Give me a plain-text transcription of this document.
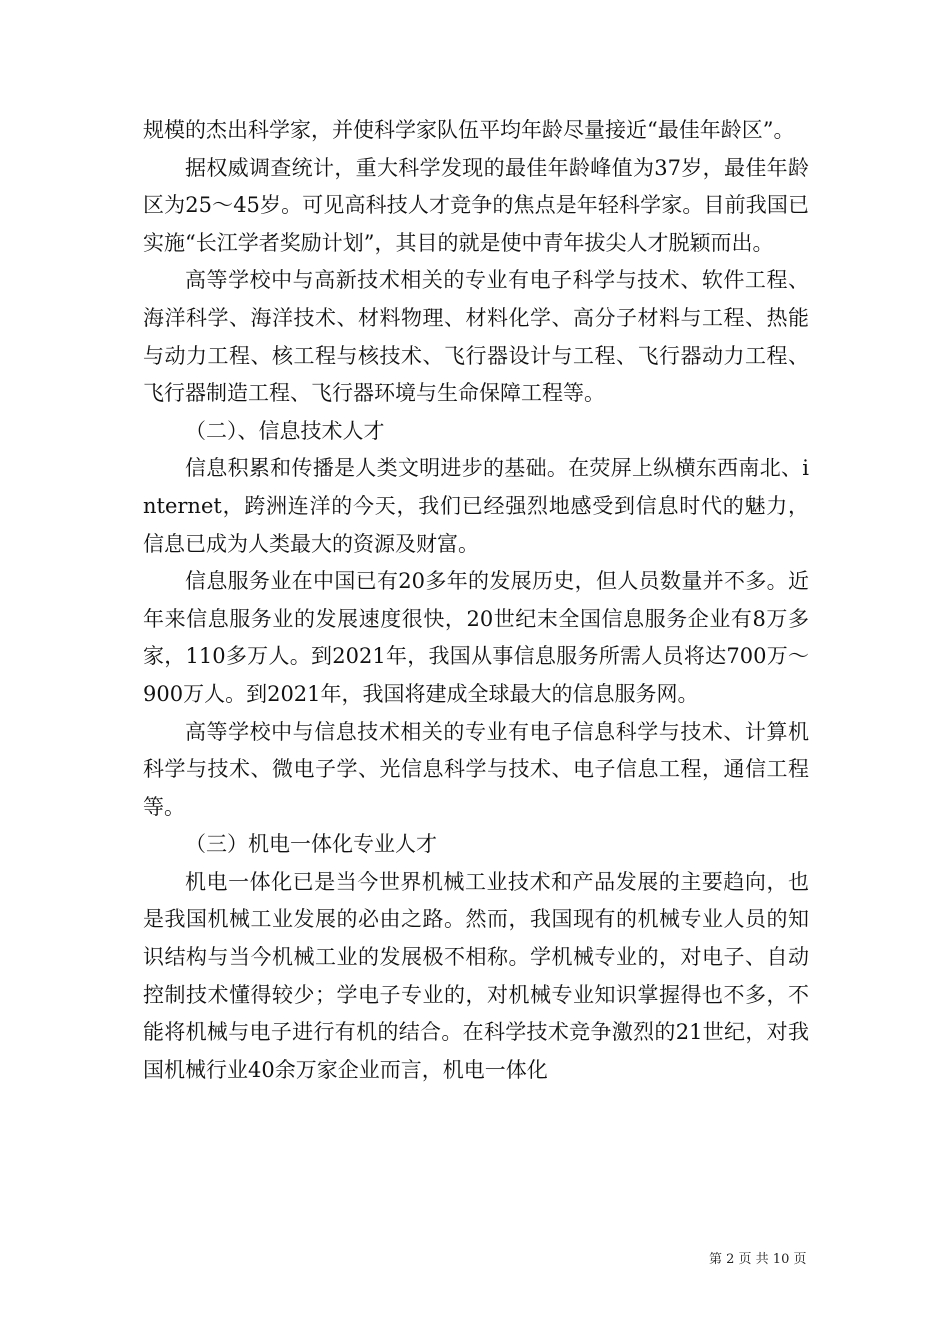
规模的杰出科学家，并使科学家队伍平均年龄尽量接近“最佳年龄区”。

据权威调查统计，重大科学发现的最佳年龄峰值为37岁，最佳年龄区为25～45岁。可见高科技人才竞争的焦点是年轻科学家。目前我国已实施“长江学者奖励计划”，其目的就是使中青年拔尖人才脱颖而出。

高等学校中与高新技术相关的专业有电子科学与技术、软件工程、海洋科学、海洋技术、材料物理、材料化学、高分子材料与工程、热能与动力工程、核工程与核技术、飞行器设计与工程、飞行器动力工程、飞行器制造工程、飞行器环境与生命保障工程等。

（二）、信息技术人才

信息积累和传播是人类文明进步的基础。在荧屏上纵横东西南北、internet，跨洲连洋的今天，我们已经强烈地感受到信息时代的魅力，信息已成为人类最大的资源及财富。

信息服务业在中国已有20多年的发展历史，但人员数量并不多。近年来信息服务业的发展速度很快，20世纪末全国信息服务企业有8万多家，110多万人。到2021年，我国从事信息服务所需人员将达700万～900万人。到2021年，我国将建成全球最大的信息服务网。

高等学校中与信息技术相关的专业有电子信息科学与技术、计算机科学与技术、微电子学、光信息科学与技术、电子信息工程，通信工程等。

（三）机电一体化专业人才

机电一体化已是当今世界机械工业技术和产品发展的主要趋向，也是我国机械工业发展的必由之路。然而，我国现有的机械专业人员的知识结构与当今机械工业的发展极不相称。学机械专业的，对电子、自动控制技术懂得较少；学电子专业的，对机械专业知识掌握得也不多，不能将机械与电子进行有机的结合。在科学技术竞争激烈的21世纪，对我国机械行业40余万家企业而言，机电一体化

第 2 页 共 10 页
